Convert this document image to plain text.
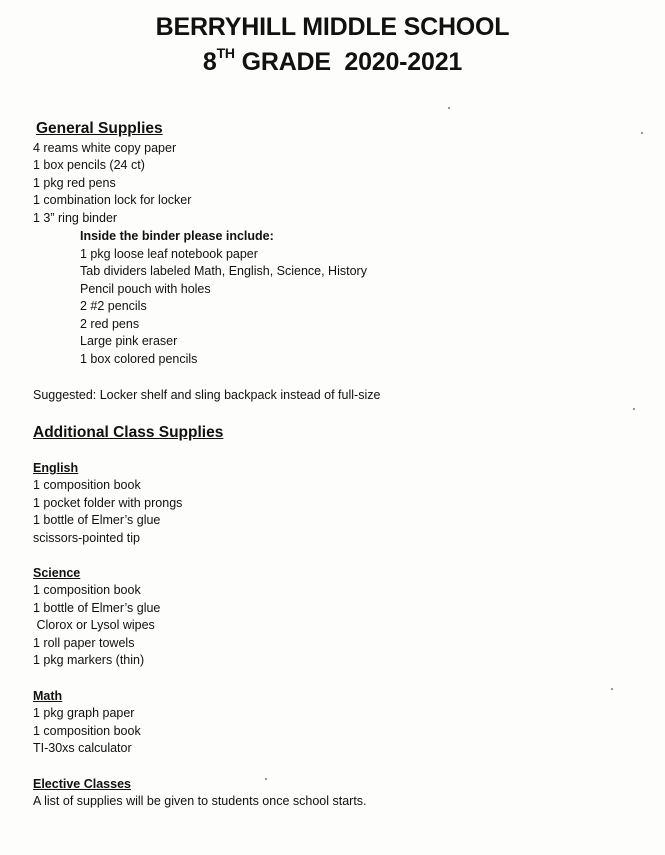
BERRYHILL MIDDLE SCHOOL
8TH GRADE  2020-2021
General Supplies
4 reams white copy paper
1 box pencils (24 ct)
1 pkg red pens
1 combination lock for locker
1 3” ring binder
Inside the binder please include:
1 pkg loose leaf notebook paper
Tab dividers labeled Math, English, Science, History
Pencil pouch with holes
2 #2 pencils
2 red pens
Large pink eraser
1 box colored pencils
Suggested: Locker shelf and sling backpack instead of full-size
Additional Class Supplies
English
1 composition book
1 pocket folder with prongs
1 bottle of Elmer’s glue
scissors-pointed tip
Science
1 composition book
1 bottle of Elmer’s glue
Clorox or Lysol wipes
1 roll paper towels
1 pkg markers (thin)
Math
1 pkg graph paper
1 composition book
TI-30xs calculator
Elective Classes
A list of supplies will be given to students once school starts.
